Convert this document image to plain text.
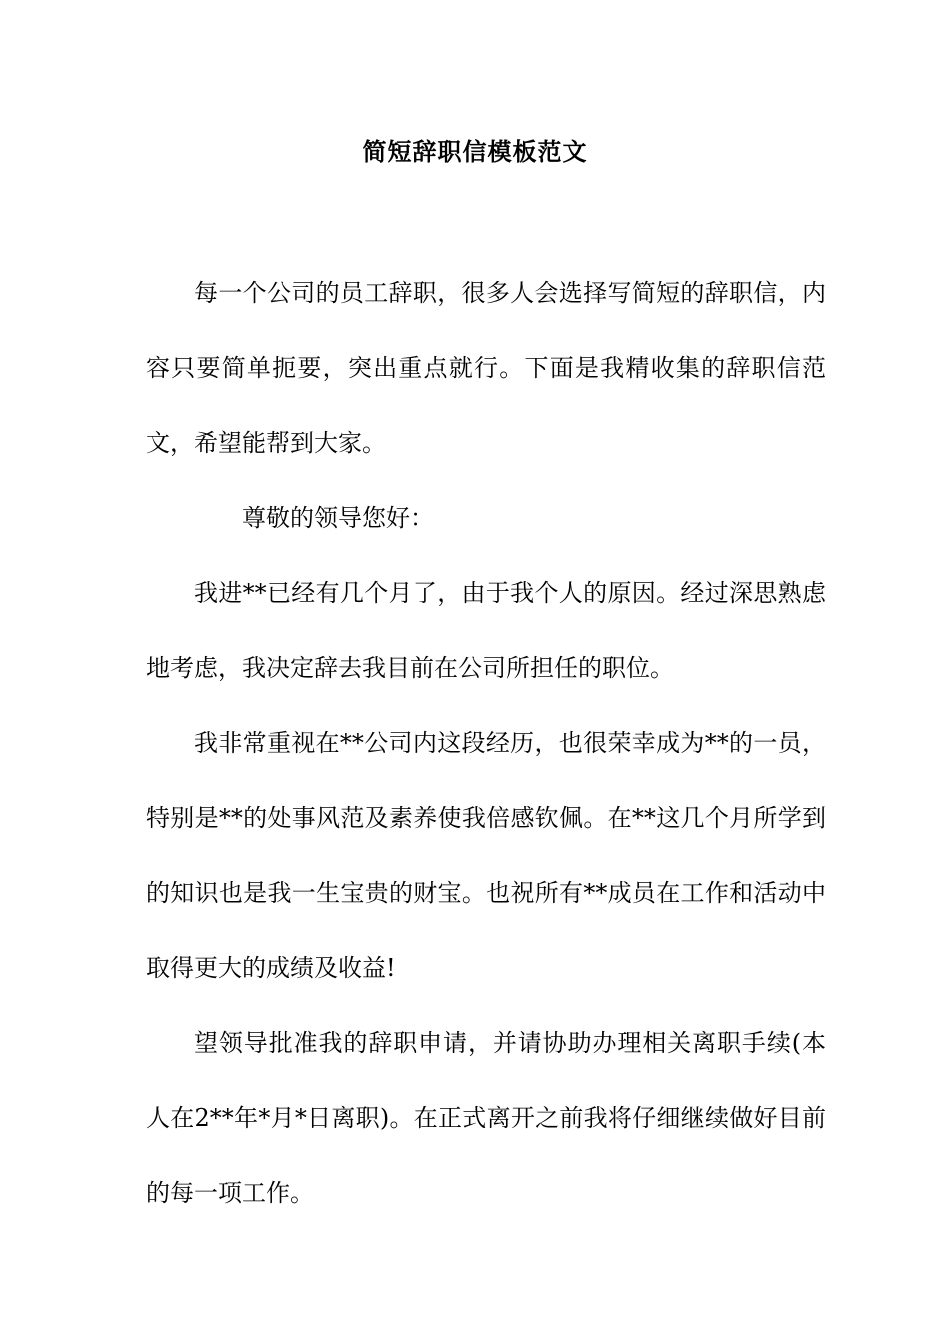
简短辞职信模板范文

每一个公司的员工辞职，很多人会选择写简短的辞职信，内容只要简单扼要，突出重点就行。下面是我精收集的辞职信范文，希望能帮到大家。

尊敬的领导您好：

我进**已经有几个月了，由于我个人的原因。经过深思熟虑地考虑，我决定辞去我目前在公司所担任的职位。

我非常重视在**公司内这段经历，也很荣幸成为**的一员，特别是**的处事风范及素养使我倍感钦佩。在**这几个月所学到的知识也是我一生宝贵的财宝。也祝所有**成员在工作和活动中取得更大的成绩及收益!

望领导批准我的辞职申请，并请协助办理相关离职手续(本人在2**年*月*日离职)。在正式离开之前我将仔细继续做好目前的每一项工作。
